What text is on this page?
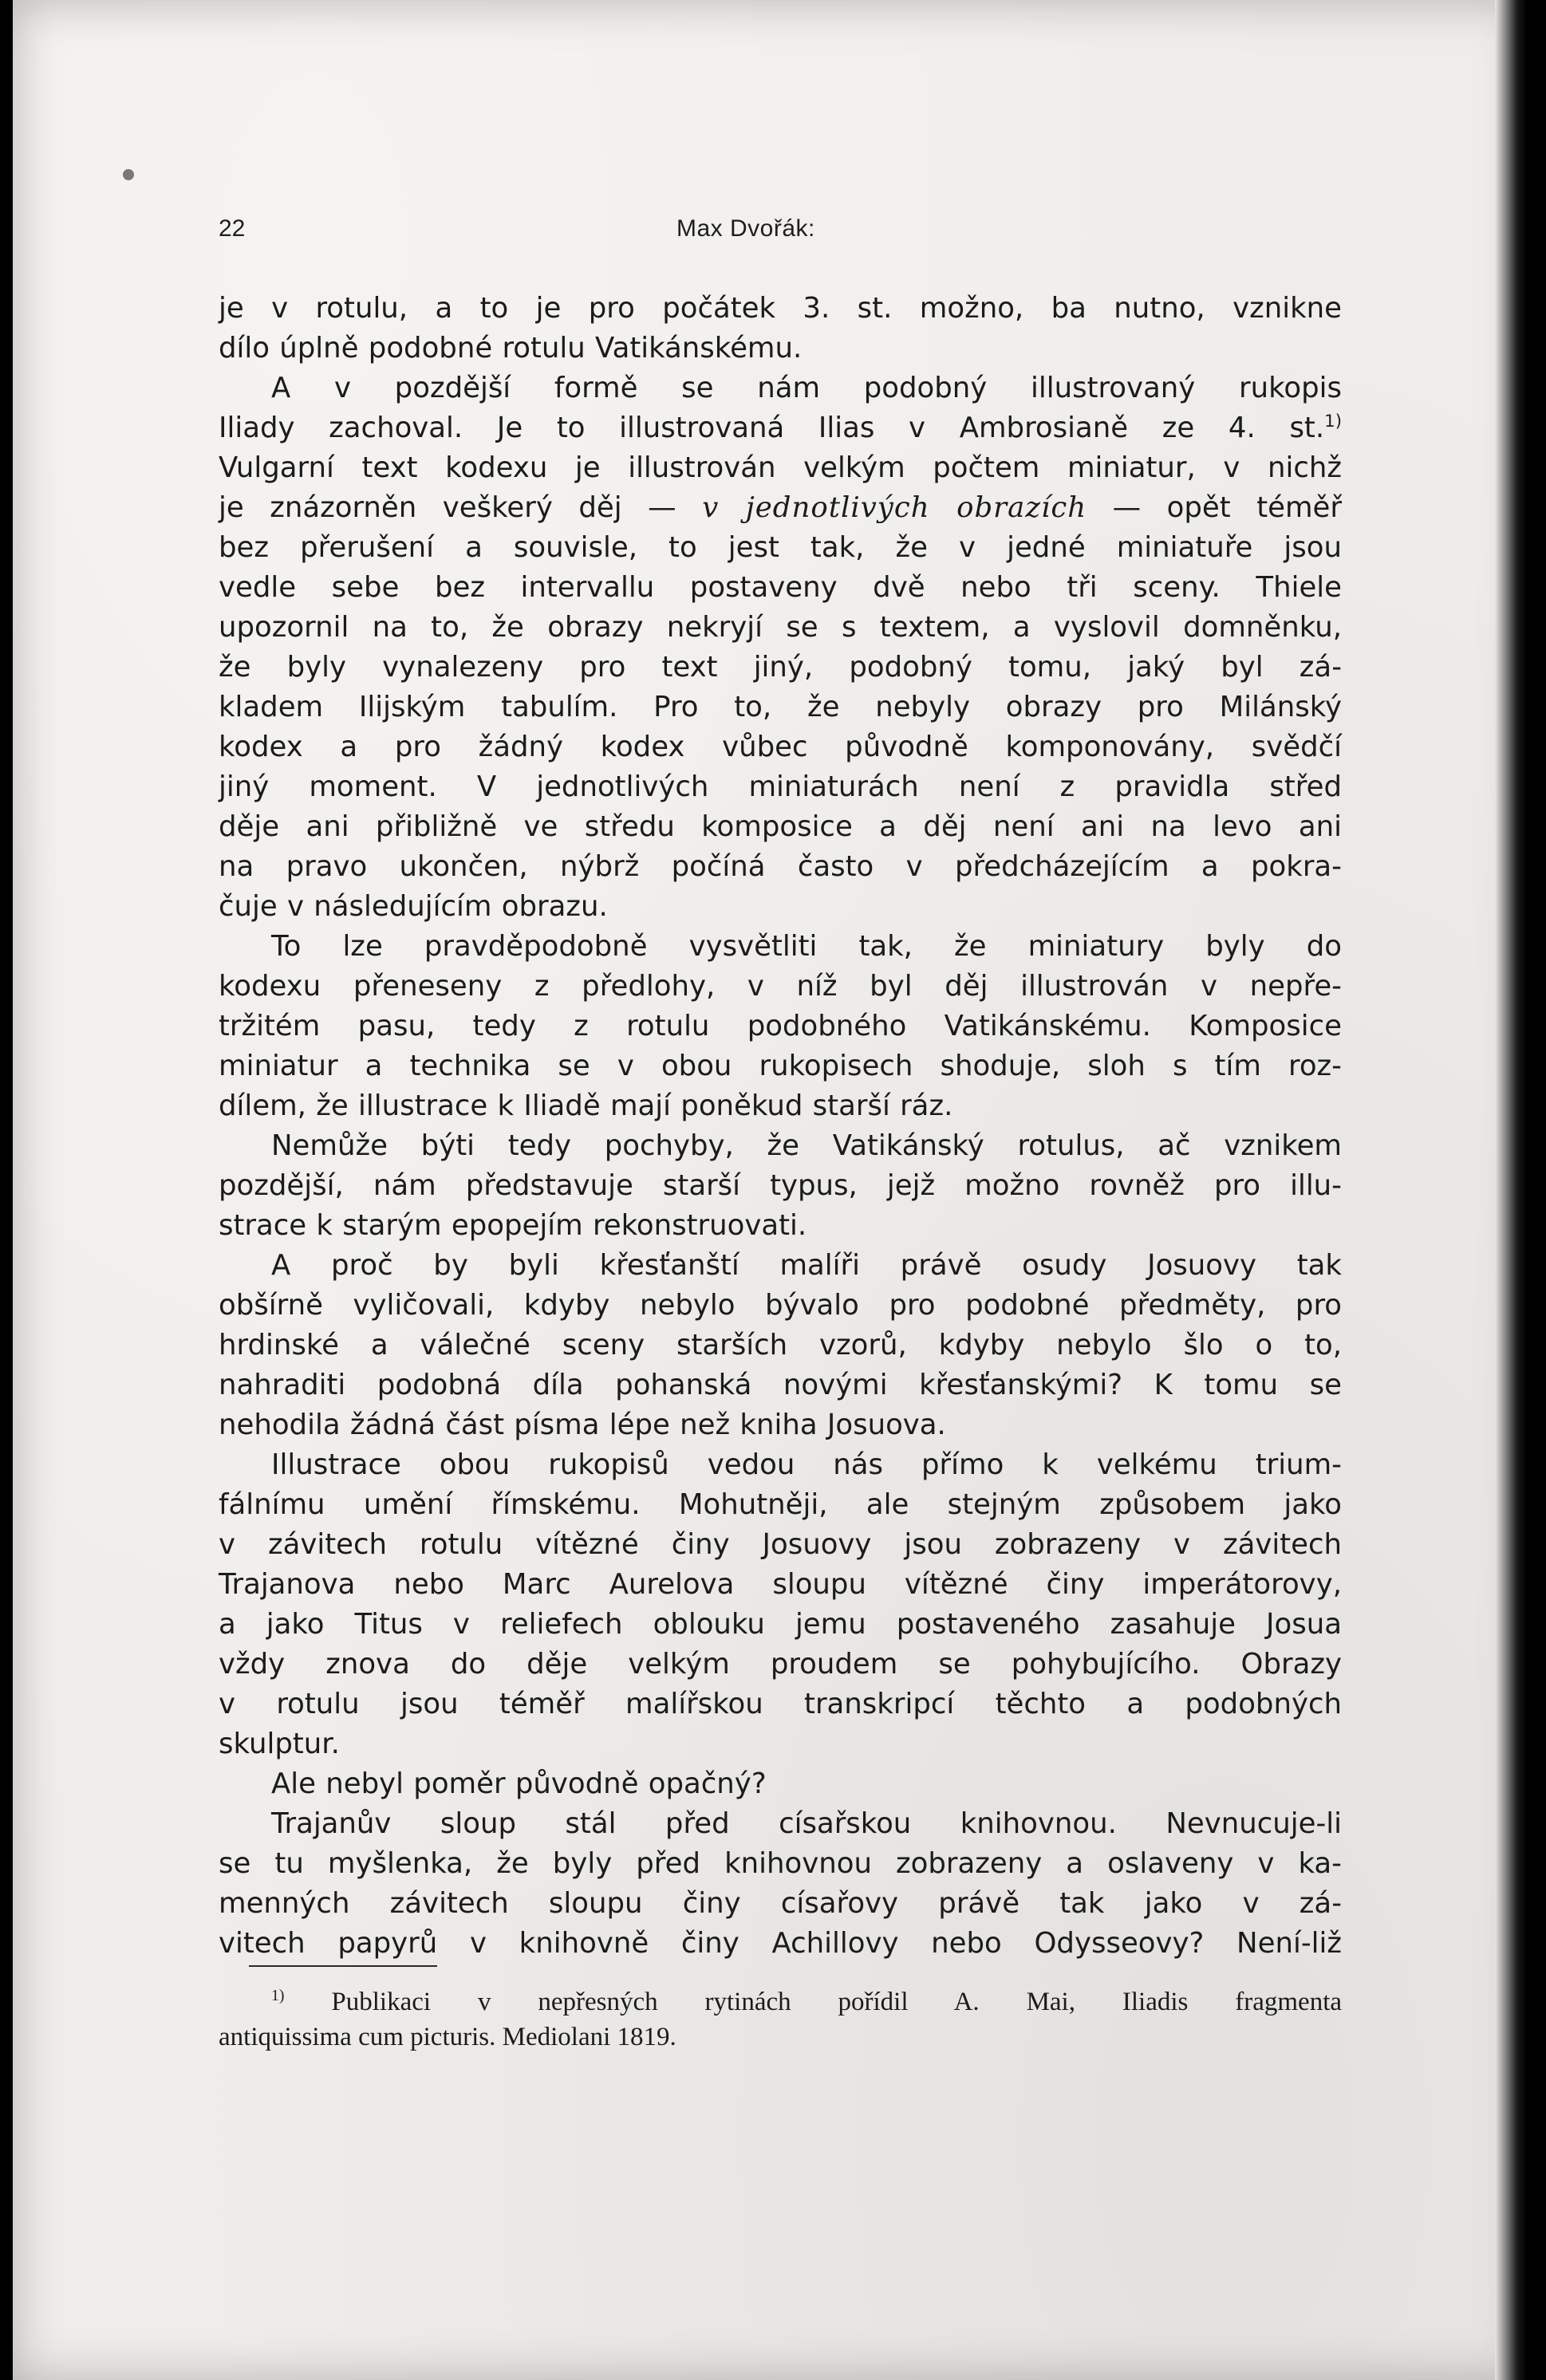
22	Max Dvořák:
je v rotulu, a to je pro počátek 3. st. možno, ba nutno, vznikne
dílo úplně podobné rotulu Vatikánskému.
A v pozdější formě se nám podobný illustrovaný rukopis
Iliady zachoval. Je to illustrovaná Ilias v Ambrosianě ze 4. st.$^{1)}$
Vulgarní text kodexu je illustrován velkým počtem miniatur, v nichž
je znázorněn veškerý děj — v jednotlivých obrazích — opět téměř
bez přerušení a souvisle, to jest tak, že v jedné miniatuře jsou
vedle sebe bez intervallu postaveny dvě nebo tři sceny. Thiele
upozornil na to, že obrazy nekryjí se s textem, a vyslovil domněnku,
že byly vynalezeny pro text jiný, podobný tomu, jaký byl zá-
kladem Ilijským tabulím. Pro to, že nebyly obrazy pro Milánský
kodex a pro žádný kodex vůbec původně komponovány, svědčí
jiný moment. V jednotlivých miniaturách není z pravidla střed
děje ani přibližně ve středu komposice a děj není ani na levo ani
na pravo ukončen, nýbrž počíná často v předcházejícím a pokra-
čuje v následujícím obrazu.
To lze pravděpodobně vysvětliti tak, že miniatury byly do
kodexu přeneseny z předlohy, v níž byl děj illustrován v nepře-
tržitém pasu, tedy z rotulu podobného Vatikánskému. Komposice
miniatur a technika se v obou rukopisech shoduje, sloh s tím roz-
dílem, že illustrace k Iliadě mají poněkud starší ráz.
Nemůže býti tedy pochyby, že Vatikánský rotulus, ač vznikem
pozdější, nám představuje starší typus, jejž možno rovněž pro illu-
strace k starým epopejím rekonstruovati.
A proč by byli křesťanští malíři právě osudy Josuovy tak
obšírně vyličovali, kdyby nebylo bývalo pro podobné předměty, pro
hrdinské a válečné sceny starších vzorů, kdyby nebylo šlo o to,
nahraditi podobná díla pohanská novými křesťanskými? K tomu se
nehodila žádná část písma lépe než kniha Josuova.
Illustrace obou rukopisů vedou nás přímo k velkému trium-
fálnímu umění římskému. Mohutněji, ale stejným způsobem jako
v závitech rotulu vítězné činy Josuovy jsou zobrazeny v závitech
Trajanova nebo Marc Aurelova sloupu vítězné činy imperátorovy,
a jako Titus v reliefech oblouku jemu postaveného zasahuje Josua
vždy znova do děje velkým proudem se pohybujícího. Obrazy
v rotulu jsou téměř malířskou transkripcí těchto a podobných
skulptur.
Ale nebyl poměr původně opačný?
Trajanův sloup stál před císařskou knihovnou. Nevnucuje-li
se tu myšlenka, že byly před knihovnou zobrazeny a oslaveny v ka-
menných závitech sloupu činy císařovy právě tak jako v zá-
vitech papyrů v knihovně činy Achillovy nebo Odysseovy? Není-liž
$^{1)}$ Publikaci v nepřesných rytinách pořídil A. Mai, Iliadis fragmenta
antiquissima cum picturis. Mediolani 1819.
